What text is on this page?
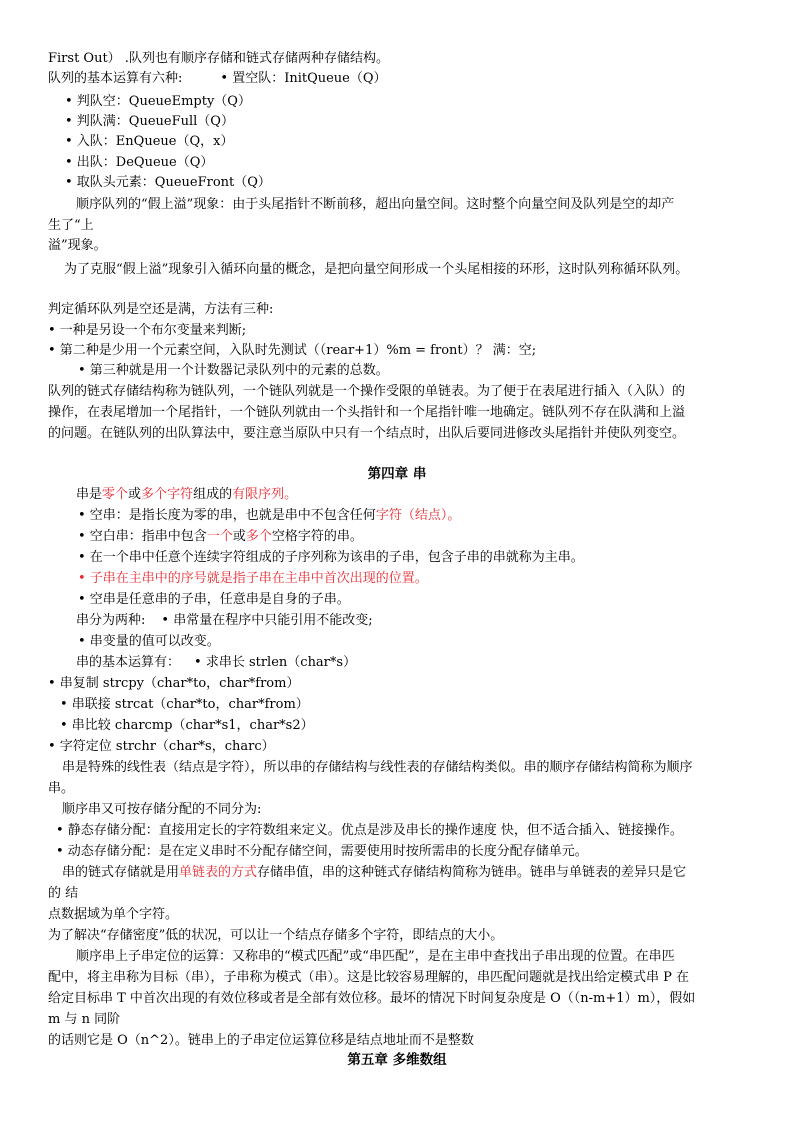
First Out） .队列也有顺序存储和链式存储两种存储结构。
队列的基本运算有六种:	• 置空队：InitQueue（Q）
• 判队空：QueueEmpty（Q）
• 判队满：QueueFull（Q）
• 入队：EnQueue（Q，x）
• 出队：DeQueue（Q）
• 取队头元素：QueueFront（Q）
顺序队列的“假上溢”现象：由于头尾指针不断前移，超出向量空间。这时整个向量空间及队列是空的却产
生了“上
溢”现象。
为了克服“假上溢”现象引入循环向量的概念，是把向量空间形成一个头尾相接的环形，这时队列称循环队列。
判定循环队列是空还是满，方法有三种:
• 一种是另设一个布尔变量来判断;
• 第二种是少用一个元素空间，入队时先测试（（rear+1）%m = front）？ 满：空;
• 第三种就是用一个计数器记录队列中的元素的总数。
队列的链式存储结构称为链队列，一个链队列就是一个操作受限的单链表。为了便于在表尾进行插入（入队）的
操作，在表尾增加一个尾指针，一个链队列就由一个头指针和一个尾指针唯一地确定。链队列不存在队满和上溢
的问题。在链队列的出队算法中，要注意当原队中只有一个结点时，出队后要同进修改头尾指针并使队列变空。
第四章 串
串是零个或多个字符组成的有限序列。
• 空串：是指长度为零的串，也就是串中不包含任何字符（结点）。
• 空白串：指串中包含一个或多个空格字符的串。
• 在一个串中任意个连续字符组成的子序列称为该串的子串，包含子串的串就称为主串。
• 子串在主串中的序号就是指子串在主串中首次出现的位置。
• 空串是任意串的子串，任意串是自身的子串。
串分为两种: • 串常量在程序中只能引用不能改变;
• 串变量的值可以改变。
串的基本运算有： • 求串长 strlen（char*s）
• 串复制 strcpy（char*to，char*from）
• 串联接 strcat（char*to，char*from）
• 串比较 charcmp（char*s1，char*s2）
• 字符定位 strchr（char*s，charc）
串是特殊的线性表（结点是字符），所以串的存储结构与线性表的存储结构类似。串的顺序存储结构简称为顺序
串。
顺序串又可按存储分配的不同分为:
• 静态存储分配：直接用定长的字符数组来定义。优点是涉及串长的操作速度 快，但不适合插入、链接操作。
• 动态存储分配：是在定义串时不分配存储空间，需要使用时按所需串的长度分配存储单元。
串的链式存储就是用单链表的方式存储串值，串的这种链式存储结构简称为链串。链串与单链表的差异只是它
的 结
点数据域为单个字符。
为了解决“存储密度”低的状况，可以让一个结点存储多个字符，即结点的大小。
顺序串上子串定位的运算：又称串的“模式匹配”或“串匹配”，是在主串中查找出子串出现的位置。在串匹
配中，将主串称为目标（串），子串称为模式（串）。这是比较容易理解的，串匹配问题就是找出给定模式串 P 在
给定目标串 T 中首次出现的有效位移或者是全部有效位移。最坏的情况下时间复杂度是 O（（n-m+1）m），假如
m 与 n 同阶
的话则它是 O（n^2）。链串上的子串定位运算位移是结点地址而不是整数
第五章 多维数组
